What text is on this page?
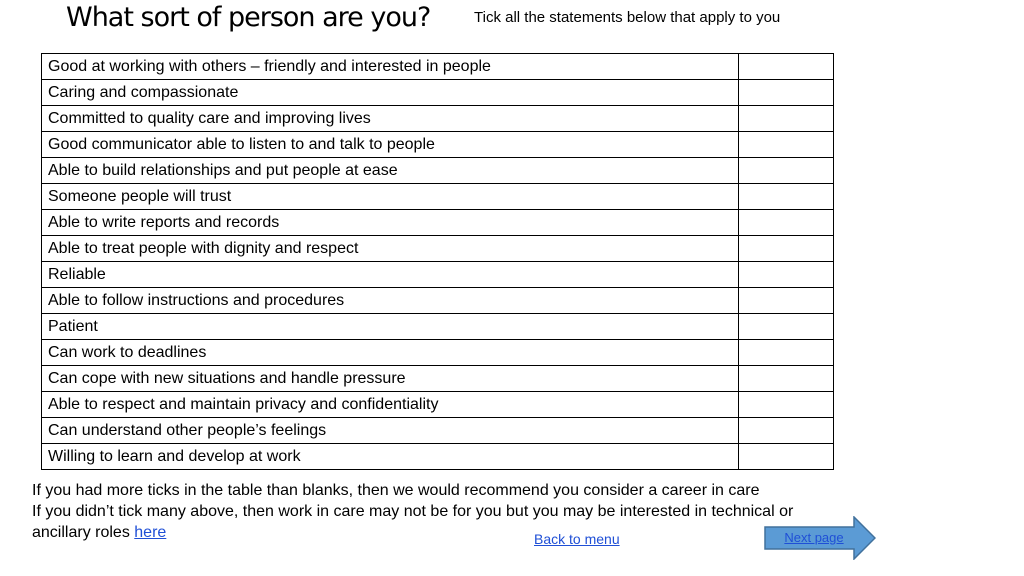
What sort of person are you?	Tick all the statements below that apply to you
Good at working with others – friendly and interested in people	
Caring and compassionate	
Committed to quality care and improving lives	
Good communicator able to listen to and talk to people	
Able to build relationships and put people at ease	
Someone people will trust	
Able to write reports and records	
Able to treat people with dignity and respect	
Reliable	
Able to follow instructions and procedures	
Patient	
Can work to deadlines	
Can cope with new situations and handle pressure	
Able to respect and maintain privacy and confidentiality	
Can understand other people’s feelings	
Willing to learn and develop at work	
If you had more ticks in the table than blanks, then we would recommend you consider a career in care
If you didn’t tick many above, then work in care may not be for you but you may be interested in technical or
ancillary roles here	Back to menu	Next page
